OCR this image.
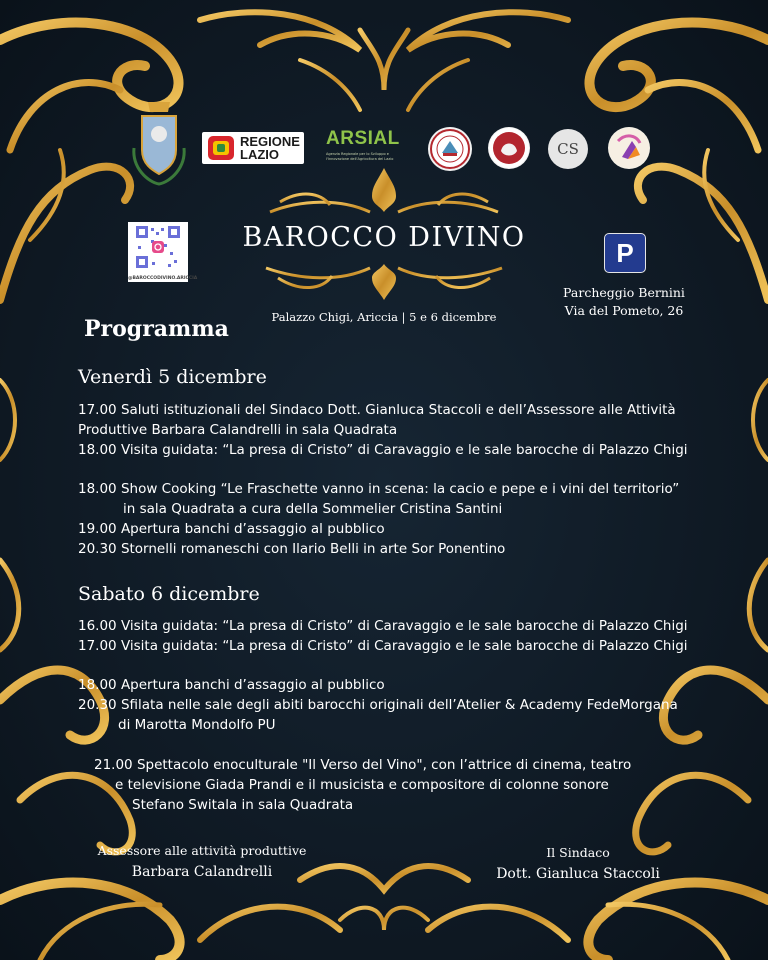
REGIONE
LAZIO
ARSIAL
Agenzia Regionale per lo Sviluppo e l'Innovazione dell'Agricoltura del Lazio
CS
@BAROCCODIVINO.ARICCIA
BAROCCO DIVINO
Palazzo Chigi, Ariccia | 5 e 6 dicembre
P
Parcheggio Bernini
Via del Pometo, 26
Programma
Venerdì 5 dicembre
17.00 Saluti istituzionali del Sindaco Dott. Gianluca Staccoli e dell’Assessore alle Attività
Produttive Barbara Calandrelli in sala Quadrata
18.00 Visita guidata: “La presa di Cristo” di Caravaggio e le sale barocche di Palazzo Chigi
18.00 Show Cooking “Le Fraschette vanno in scena: la cacio e pepe e i vini del territorio”
in sala Quadrata a cura della Sommelier Cristina Santini
19.00 Apertura banchi d’assaggio al pubblico
20.30 Stornelli romaneschi con Ilario Belli in arte Sor Ponentino
Sabato 6 dicembre
16.00 Visita guidata: “La presa di Cristo” di Caravaggio e le sale barocche di Palazzo Chigi
17.00 Visita guidata: “La presa di Cristo” di Caravaggio e le sale barocche di Palazzo Chigi
18.00 Apertura banchi d’assaggio al pubblico
20.30 Sfilata nelle sale degli abiti barocchi originali dell’Atelier & Academy FedeMorgana
di Marotta Mondolfo PU
21.00 Spettacolo enoculturale "Il Verso del Vino", con l’attrice di cinema, teatro
e televisione Giada Prandi e il musicista e compositore di colonne sonore
Stefano Switala in sala Quadrata
Assessore alle attività produttive
Barbara Calandrelli
Il Sindaco
Dott. Gianluca Staccoli
